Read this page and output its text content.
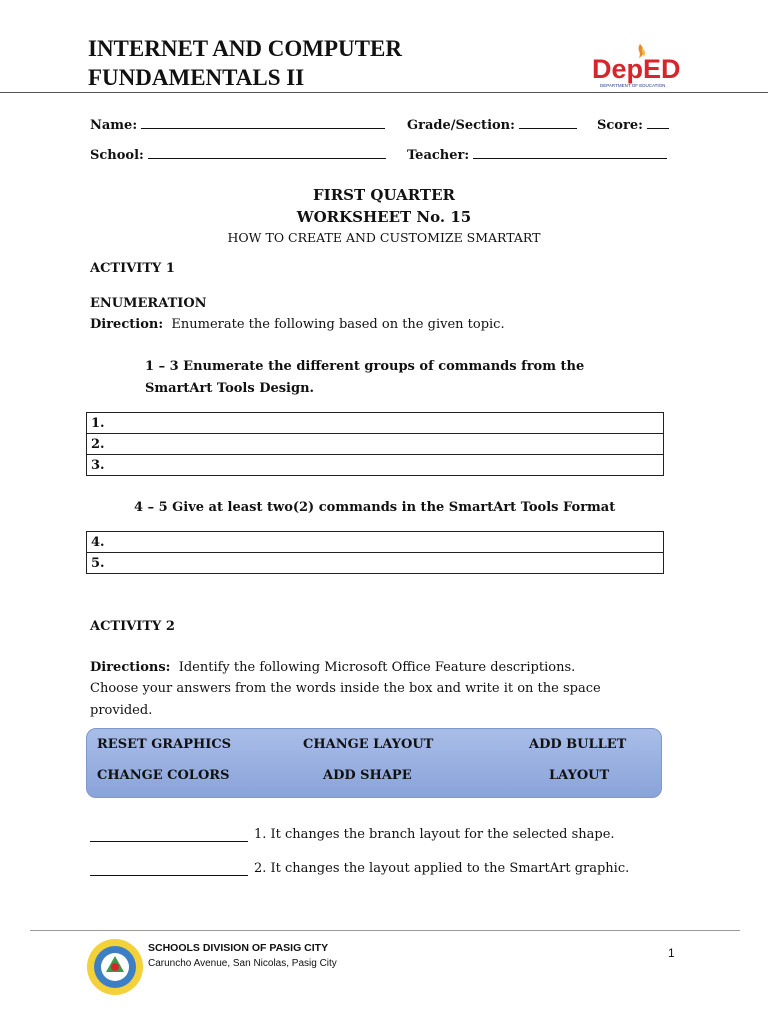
INTERNET AND COMPUTER
FUNDAMENTALS II	DepED
DEPARTMENT OF EDUCATION
Name:	Grade/Section:	Score:
School:	Teacher:
FIRST QUARTER
WORKSHEET No. 15
HOW TO CREATE AND CUSTOMIZE SMARTART
ACTIVITY 1
ENUMERATION
Direction: Enumerate the following based on the given topic.
1 – 3 Enumerate the different groups of commands from the
SmartArt Tools Design.
1.
2.
3.
4 – 5 Give at least two(2) commands in the SmartArt Tools Format
4.
5.
ACTIVITY 2
Directions: Identify the following Microsoft Office Feature descriptions.
Choose your answers from the words inside the box and write it on the space
provided.
RESET GRAPHICS	CHANGE LAYOUT	ADD BULLET
CHANGE COLORS	ADD SHAPE	LAYOUT
1. It changes the branch layout for the selected shape.
2. It changes the layout applied to the SmartArt graphic.
SCHOOLS DIVISION OF PASIG CITY
Caruncho Avenue, San Nicolas, Pasig City
1
